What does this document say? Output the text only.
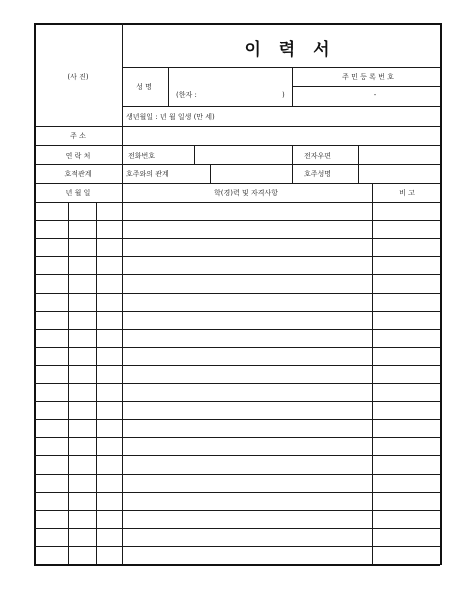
이 력 서
(사 진)
성 명
(한자 :	)
주 민 등 록 번 호
-
생년월일 : 년 월 일생 (만 세)
주 소
연 락 처	전화번호	전자우편
호적관계	호주와의 관계	호주성명
년 월 일	학(경)력 및 자격사항	비 고
